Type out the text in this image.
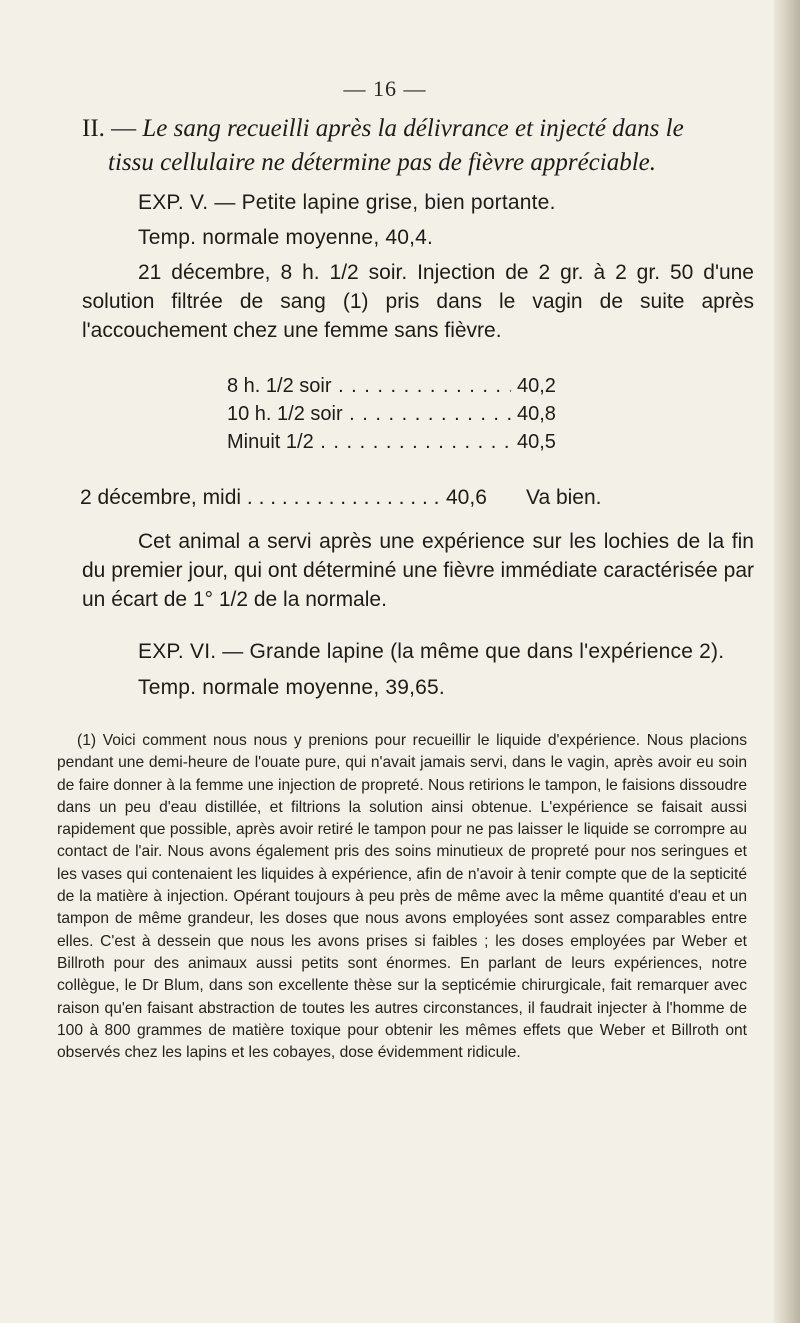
— 16 —
II. — Le sang recueilli après la délivrance et injecté dans le
tissu cellulaire ne détermine pas de fièvre appréciable.
EXP. V. — Petite lapine grise, bien portante.
Temp. normale moyenne, 40,4.
21 décembre, 8 h. 1/2 soir. Injection de 2 gr. à 2 gr. 50 d'une solution filtrée de sang (1) pris dans le vagin de suite après l'accouchement chez une femme sans fièvre.
8 h. 1/2 soir . . .	40,2
10 h. 1/2 soir . . .	40,8
Minuit 1/2 . . .	40,5
2 décembre, midi . . .	40,6	Va bien.
Cet animal a servi après une expérience sur les lochies de la fin du premier jour, qui ont déterminé une fièvre immédiate caractérisée par un écart de 1° 1/2 de la normale.
EXP. VI. — Grande lapine (la même que dans l'expérience 2).
Temp. normale moyenne, 39,65.

(1) Voici comment nous nous y prenions pour recueillir le liquide d'expérience. Nous placions pendant une demi-heure de l'ouate pure, qui n'avait jamais servi, dans le vagin, après avoir eu soin de faire donner à la femme une injection de propreté. Nous retirions le tampon, le faisions dissoudre dans un peu d'eau distillée, et filtrions la solution ainsi obtenue. L'expérience se faisait aussi rapidement que possible, après avoir retiré le tampon pour ne pas laisser le liquide se corrompre au contact de l'air. Nous avons également pris des soins minutieux de propreté pour nos seringues et les vases qui contenaient les liquides à expérience, afin de n'avoir à tenir compte que de la septicité de la matière à injection. Opérant toujours à peu près de même avec la même quantité d'eau et un tampon de même grandeur, les doses que nous avons employées sont assez comparables entre elles. C'est à dessein que nous les avons prises si faibles ; les doses employées par Weber et Billroth pour des animaux aussi petits sont énormes. En parlant de leurs expériences, notre collègue, le Dr Blum, dans son excellente thèse sur la septicémie chirurgicale, fait remarquer avec raison qu'en faisant abstraction de toutes les autres circonstances, il faudrait injecter à l'homme de 100 à 800 grammes de matière toxique pour obtenir les mêmes effets que Weber et Billroth ont observés chez les lapins et les cobayes, dose évidemment ridicule.
